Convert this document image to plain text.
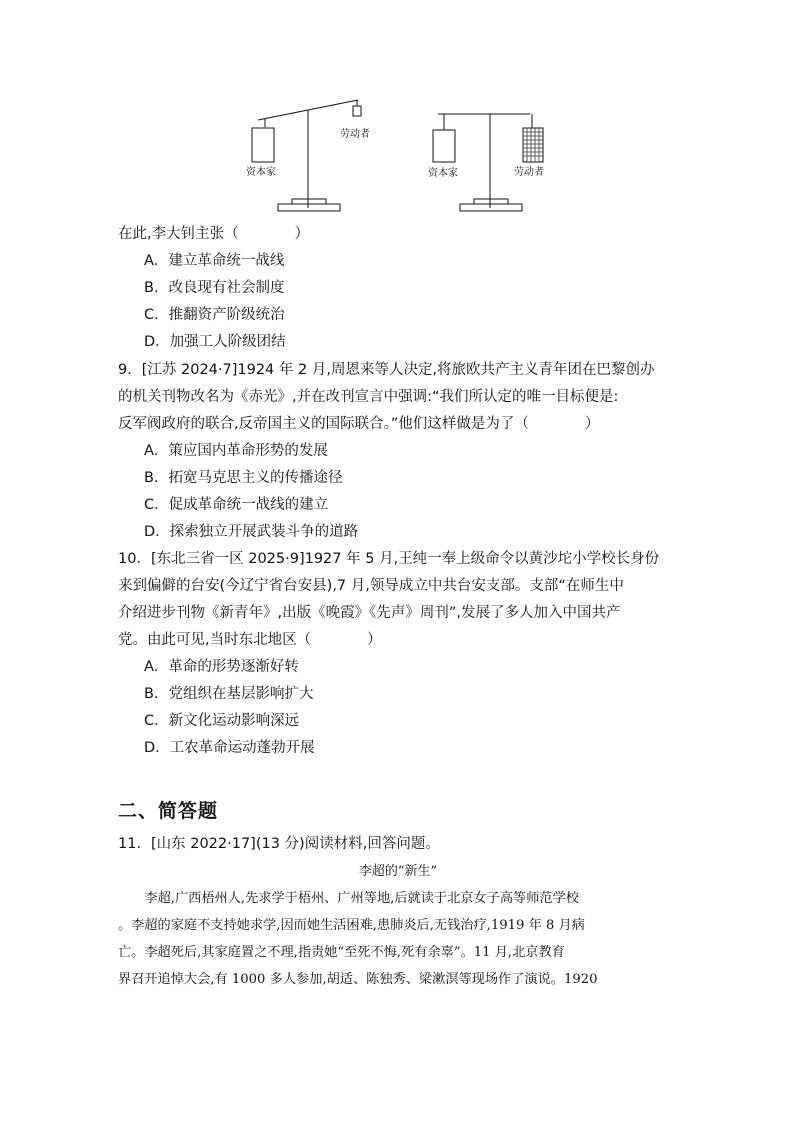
资本家
劳动者
资本家	劳动者
在此,李大钊主张（	）
A．建立革命统一战线
B．改良现有社会制度
C．推翻资产阶级统治
D．加强工人阶级团结
9．[江苏 2024·7]1924 年 2 月,周恩来等人决定,将旅欧共产主义青年团在巴黎创办
的机关刊物改名为《赤光》,并在改刊宣言中强调:“我们所认定的唯一目标便是:
反军阀政府的联合,反帝国主义的国际联合。”他们这样做是为了（	）
A．策应国内革命形势的发展
B．拓宽马克思主义的传播途径
C．促成革命统一战线的建立
D．探索独立开展武装斗争的道路
10．[东北三省一区 2025·9]1927 年 5 月,王纯一奉上级命令以黄沙坨小学校长身份
来到偏僻的台安(今辽宁省台安县),7 月,领导成立中共台安支部。支部“在师生中
介绍进步刊物《新青年》,出版《晚霞》《先声》周刊”,发展了多人加入中国共产
党。由此可见,当时东北地区（	）
A．革命的形势逐渐好转
B．党组织在基层影响扩大
C．新文化运动影响深远
D．工农革命运动蓬勃开展
二、简答题
11．[山东 2022·17](13 分)阅读材料,回答问题。
李超的“新生”
李超,广西梧州人,先求学于梧州、广州等地,后就读于北京女子高等师范学校
。李超的家庭不支持她求学,因而她生活困难,患肺炎后,无钱治疗,1919 年 8 月病
亡。李超死后,其家庭置之不理,指责她“至死不悔,死有余辜”。11 月,北京教育
界召开追悼大会,有 1000 多人参加,胡适、陈独秀、梁漱溟等现场作了演说。1920
